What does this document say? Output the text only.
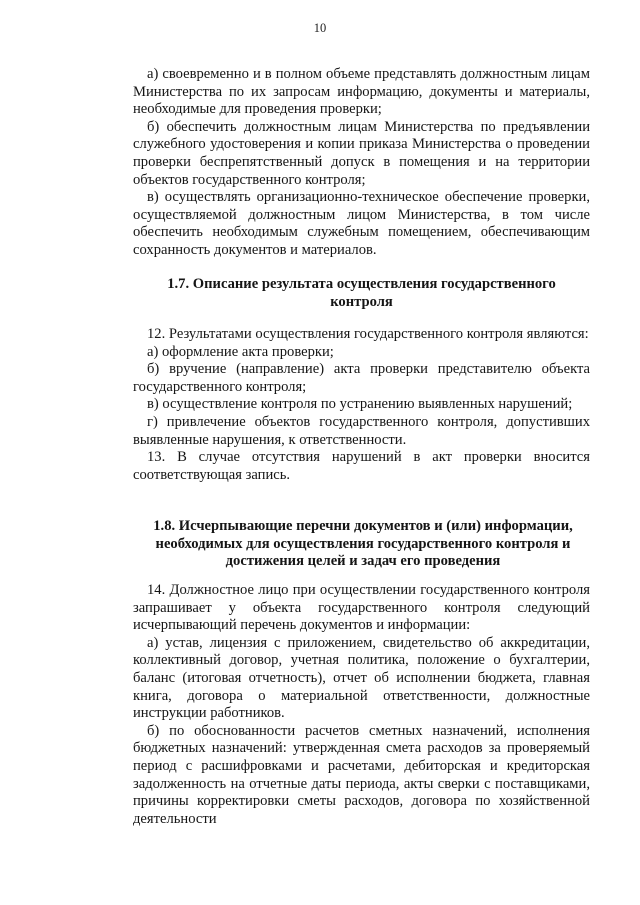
10

а) своевременно и в полном объеме представлять должностным лицам Министерства по их запросам информацию, документы и материалы, необходимые для проведения проверки;

б) обеспечить должностным лицам Министерства по предъявлении служебного удостоверения и копии приказа Министерства о проведении проверки беспрепятственный допуск в помещения и на территории объектов государственного контроля;

в) осуществлять организационно-техническое обеспечение проверки, осуществляемой должностным лицом Министерства, в том числе обеспечить необходимым служебным помещением, обеспечивающим сохранность документов и материалов.

1.7. Описание результата осуществления государственного

контроля

12. Результатами осуществления государственного контроля являются:

а) оформление акта проверки;

б) вручение (направление) акта проверки представителю объекта государственного контроля;

в) осуществление контроля по устранению выявленных нарушений;

г) привлечение объектов государственного контроля, допустивших выявленные нарушения, к ответственности.

13. В случае отсутствия нарушений в акт проверки вносится соответствующая запись.

1.8. Исчерпывающие перечни документов и (или) информации,

необходимых для осуществления государственного контроля и

достижения целей и задач его проведения

14. Должностное лицо при осуществлении государственного контроля запрашивает у объекта государственного контроля следующий исчерпывающий перечень документов и информации:

а) устав, лицензия с приложением, свидетельство об аккредитации, коллективный договор, учетная политика, положение о бухгалтерии, баланс (итоговая отчетность), отчет об исполнении бюджета, главная книга, договора о материальной ответственности, должностные инструкции работников.

б) по обоснованности расчетов сметных назначений, исполнения бюджетных назначений: утвержденная смета расходов за проверяемый период с расшифровками и расчетами, дебиторская и кредиторская задолженность на отчетные даты периода, акты сверки с поставщиками, причины корректировки сметы расходов, договора по хозяйственной деятельности
